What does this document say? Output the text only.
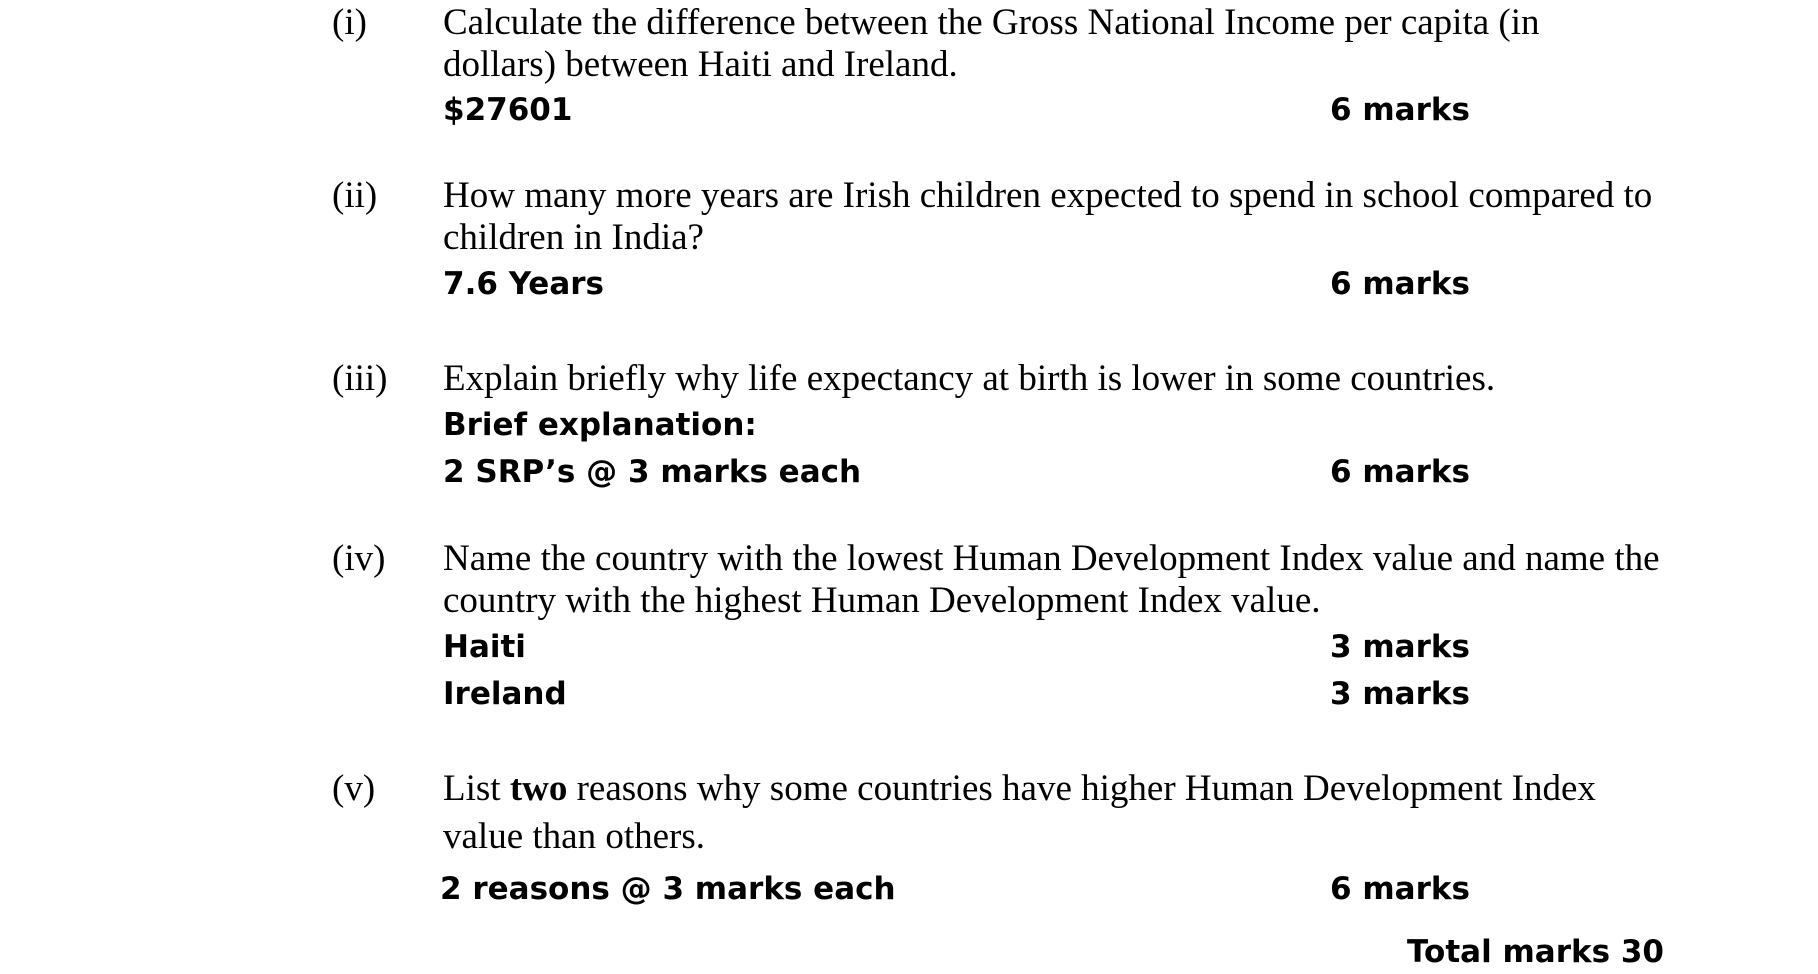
(i) Calculate the difference between the Gross National Income per capita (in
dollars) between Haiti and Ireland.
$27601	6 marks
(ii) How many more years are Irish children expected to spend in school compared to
children in India?
7.6 Years	6 marks
(iii) Explain briefly why life expectancy at birth is lower in some countries.
Brief explanation:
2 SRP’s @ 3 marks each	6 marks
(iv) Name the country with the lowest Human Development Index value and name the
country with the highest Human Development Index value.
Haiti	3 marks
Ireland	3 marks
(v) List two reasons why some countries have higher Human Development Index
value than others.
2 reasons @ 3 marks each	6 marks
Total marks 30
